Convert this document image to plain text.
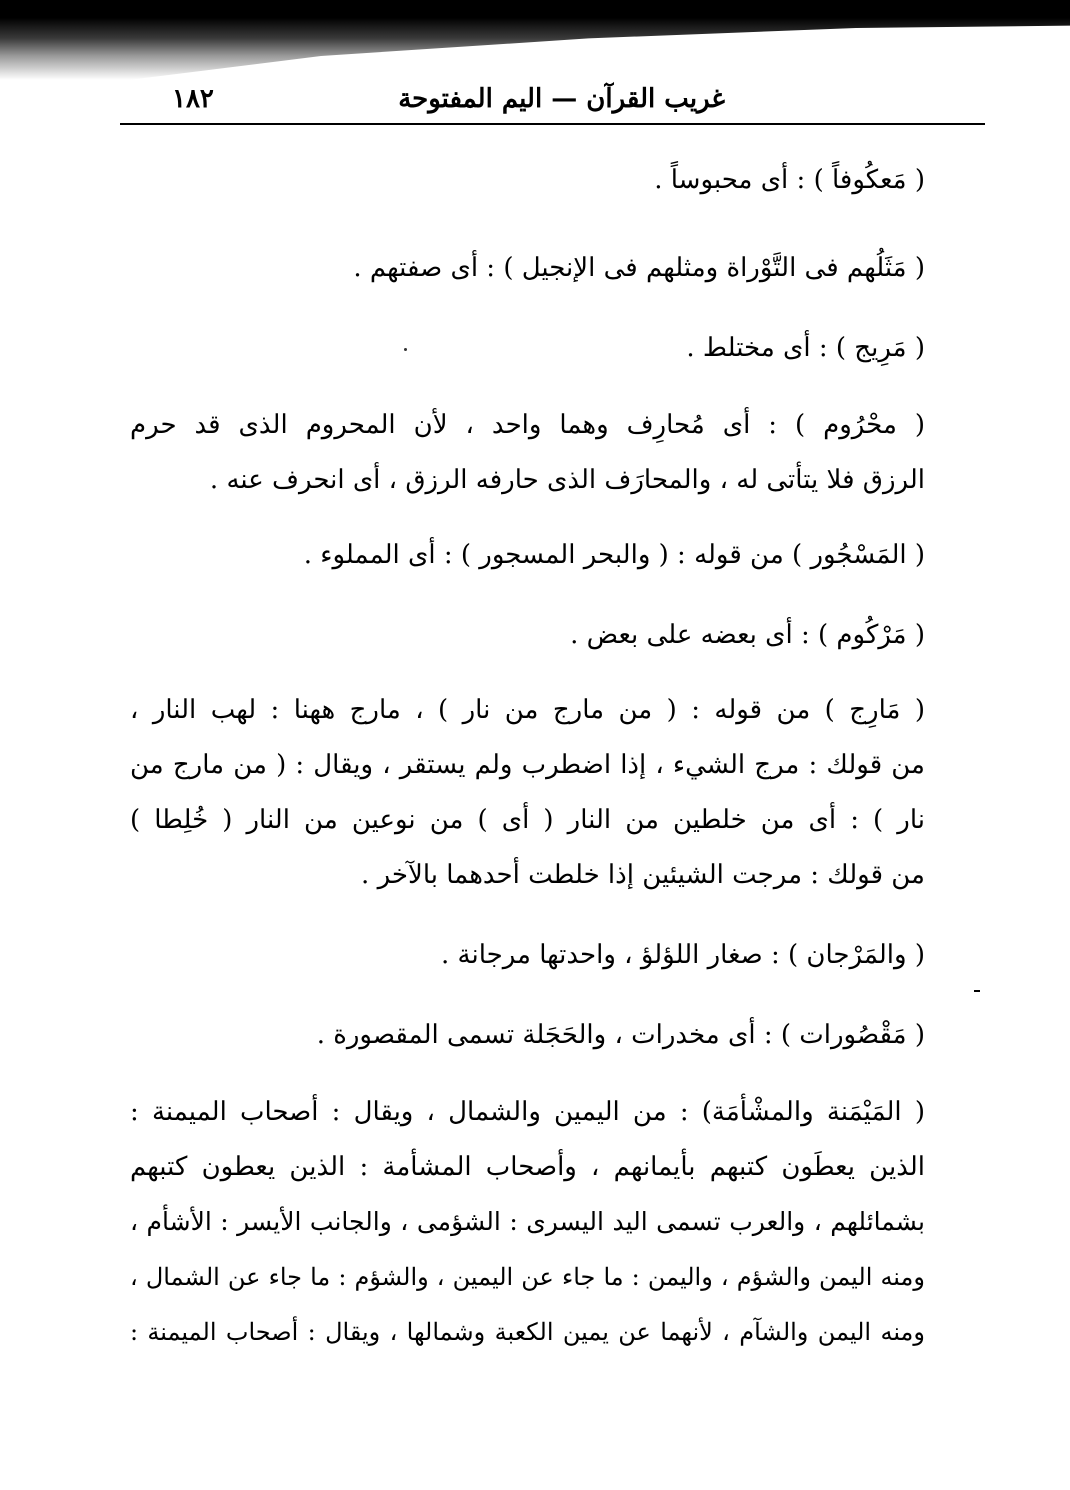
١٨٢	غريب القرآن — اليم المفتوحة
( مَعكُوفاً ) : أى محبوساً .
( مَثَلُهم فى التَّوْراة ومثلهم فى الإنجيل ) : أى صفتهم .
( مَرِيج ) : أى مختلط .
( محْرُوم ) : أى مُحارِف وهما واحد ، لأن المحروم الذى قد حرم
الرزق فلا يتأتى له ، والمحارَف الذى حارفه الرزق ، أى انحرف عنه .
( المَسْجُور ) من قوله : ( والبحر المسجور ) : أى المملوء .
( مَرْكُوم ) : أى بعضه على بعض .
( مَارِج ) من قوله : ( من مارج من نار ) ، مارج ههنا : لهب النار ،
من قولك : مرج الشيء ، إذا اضطرب ولم يستقر ، ويقال : ( من مارج من
نار ) : أى من خلطين من النار ( أى ) من نوعين من النار ( خُلِطا )
من قولك : مرجت الشيئين إذا خلطت أحدهما بالآخر .
( والمَرْجان ) : صغار اللؤلؤ ، واحدتها مرجانة .
( مَقْصُورات ) : أى مخدرات ، والحَجَلة تسمى المقصورة .
( المَيْمَنة والمشْأمَة) : من اليمين والشمال ، ويقال : أصحاب الميمنة :
الذين يعطَون كتبهم بأيمانهم ، وأصحاب المشأمة : الذين يعطون كتبهم
بشمائلهم ، والعرب تسمى اليد اليسرى : الشؤمى ، والجانب الأيسر : الأشأم ،
ومنه اليمن والشؤم ، واليمن : ما جاء عن اليمين ، والشؤم : ما جاء عن الشمال ،
ومنه اليمن والشآم ، لأنهما عن يمين الكعبة وشمالها ، ويقال : أصحاب الميمنة :
